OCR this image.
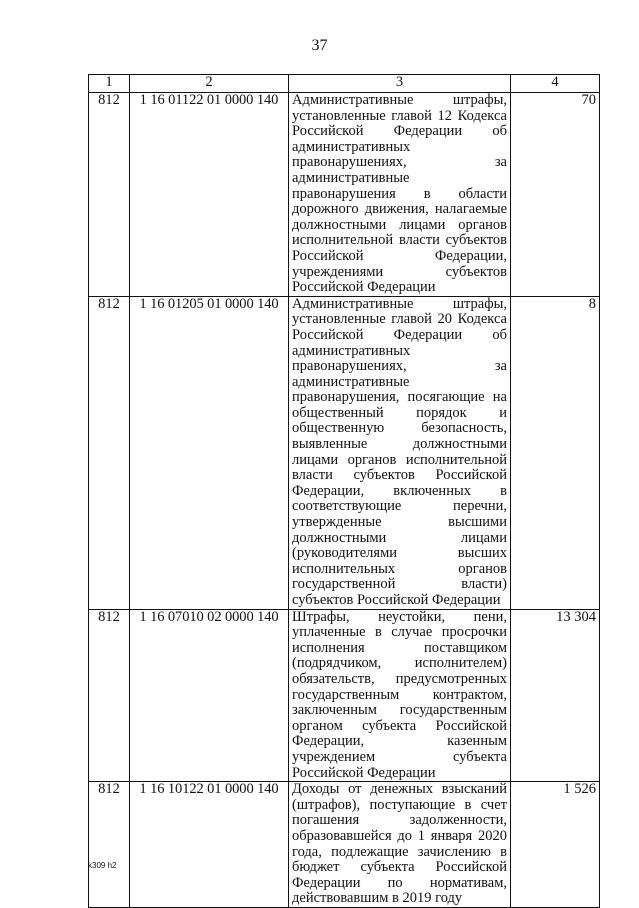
37
1	2	3	4
812	1 16 01122 01 0000 140	Административные штрафы, установленные главой 12 Кодекса Российской Федерации об административных правонарушениях, за административные правонарушения в области дорожного движения, налагаемые должностными лицами органов исполнительной власти субъектов Российской Федерации, учреждениями субъектов Российской Федерации	70
812	1 16 01205 01 0000 140	Административные штрафы, установленные главой 20 Кодекса Российской Федерации об административных правонарушениях, за административные правонарушения, посягающие на общественный порядок и общественную безопасность, выявленные должностными лицами органов исполнительной власти субъектов Российской Федерации, включенных в соответствующие перечни, утвержденные высшими должностными лицами (руководителями высших исполнительных органов государственной власти) субъектов Российской Федерации	8
812	1 16 07010 02 0000 140	Штрафы, неустойки, пени, уплаченные в случае просрочки исполнения поставщиком (подрядчиком, исполнителем) обязательств, предусмотренных государственным контрактом, заключенным государственным органом субъекта Российской Федерации, казенным учреждением субъекта Российской Федерации	13 304
812	1 16 10122 01 0000 140	Доходы от денежных взысканий (штрафов), поступающие в счет погашения задолженности, образовавшейся до 1 января 2020 года, подлежащие зачислению в бюджет субъекта Российской Федерации по нормативам, действовавшим в 2019 году	1 526
k309 h2
